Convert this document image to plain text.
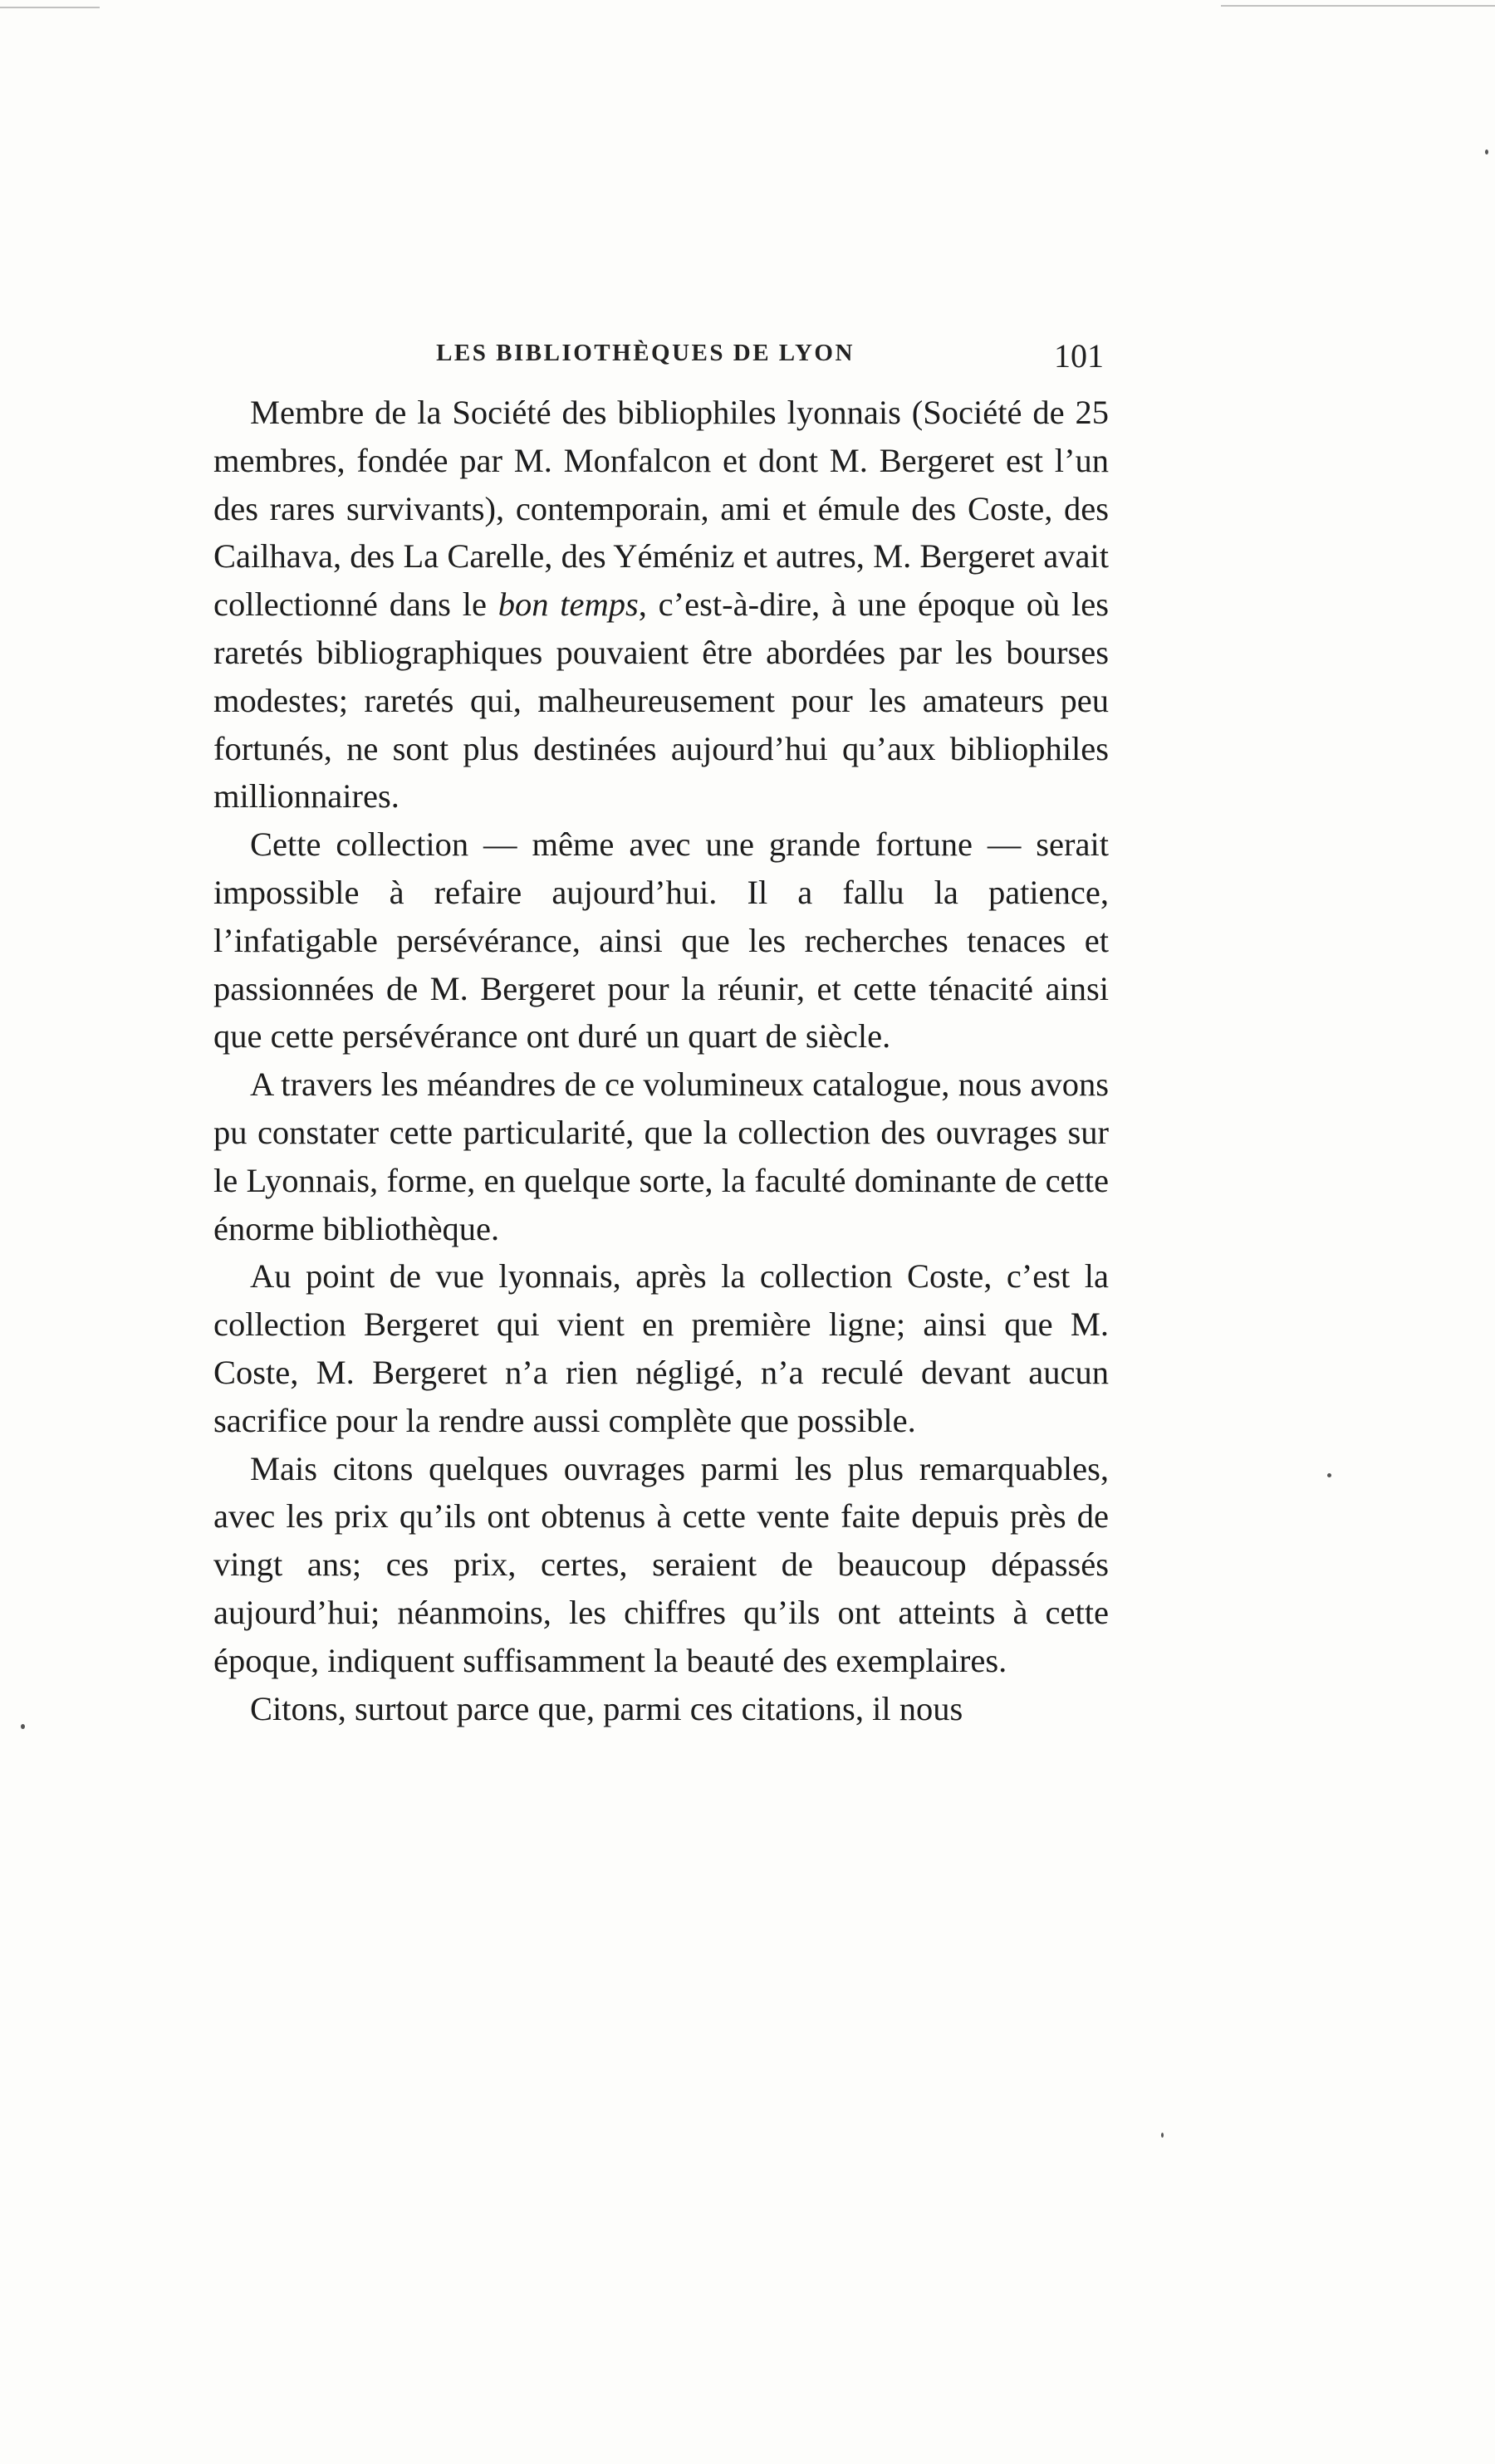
LES BIBLIOTHÈQUES DE LYON	101

Membre de la Société des bibliophiles lyonnais (Société de 25 membres, fondée par M. Monfalcon et dont M. Bergeret est l’un des rares survivants), contemporain, ami et émule des Coste, des Cailhava, des La Carelle, des Yéméniz et autres, M. Bergeret avait collectionné dans le bon temps, c’est-à-dire, à une époque où les raretés bibliographiques pouvaient être abordées par les bourses modestes; raretés qui, malheureusement pour les amateurs peu fortunés, ne sont plus destinées aujourd’hui qu’aux bibliophiles millionnaires.

Cette collection — même avec une grande fortune — serait impossible à refaire aujourd’hui. Il a fallu la patience, l’infatigable persévérance, ainsi que les recherches tenaces et passionnées de M. Bergeret pour la réunir, et cette ténacité ainsi que cette persévérance ont duré un quart de siècle.

A travers les méandres de ce volumineux catalogue, nous avons pu constater cette particularité, que la collection des ouvrages sur le Lyonnais, forme, en quelque sorte, la faculté dominante de cette énorme bibliothèque.

Au point de vue lyonnais, après la collection Coste, c’est la collection Bergeret qui vient en première ligne; ainsi que M. Coste, M. Bergeret n’a rien négligé, n’a reculé devant aucun sacrifice pour la rendre aussi complète que possible.

Mais citons quelques ouvrages parmi les plus remarquables, avec les prix qu’ils ont obtenus à cette vente faite depuis près de vingt ans; ces prix, certes, seraient de beaucoup dépassés aujourd’hui; néanmoins, les chiffres qu’ils ont atteints à cette époque, indiquent suffisamment la beauté des exemplaires.

Citons, surtout parce que, parmi ces citations, il nous
